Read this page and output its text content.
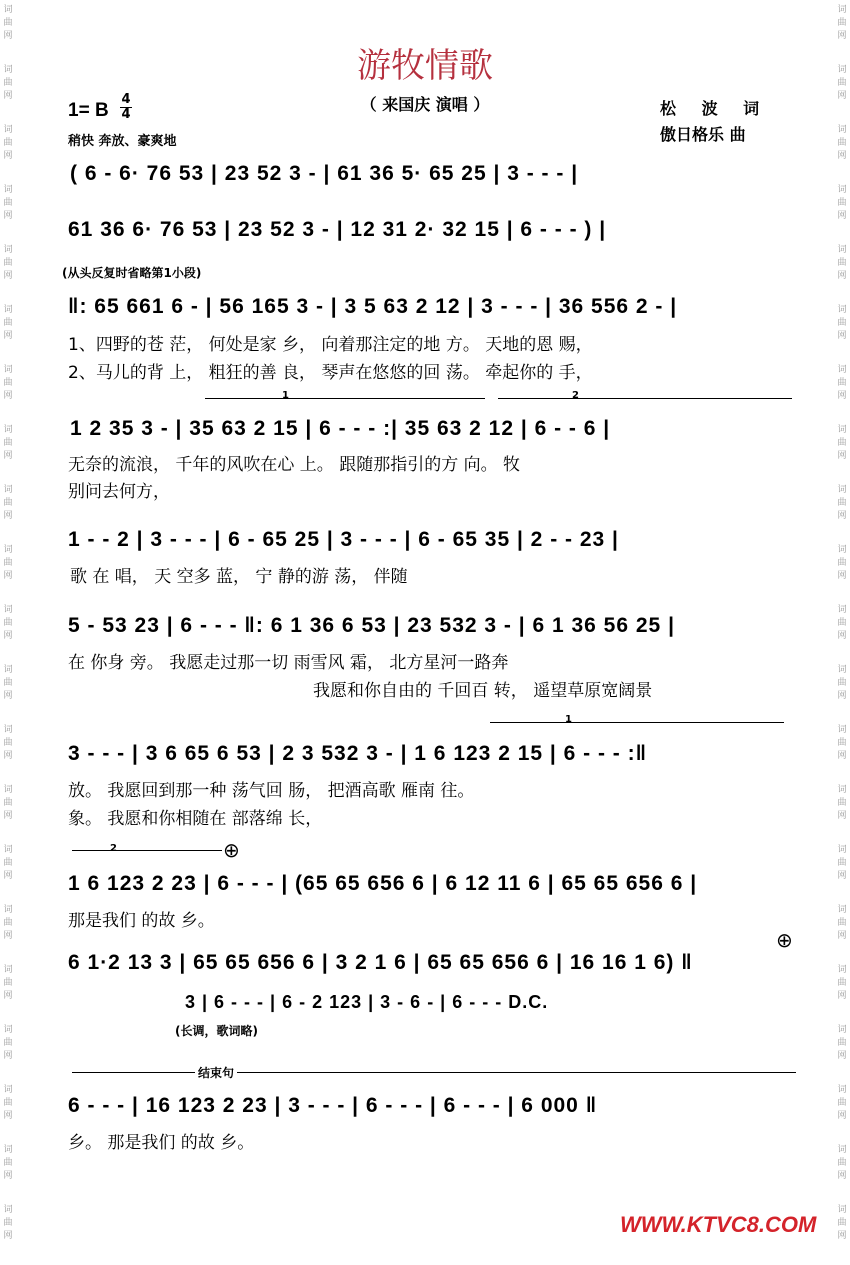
词
曲
网
词
曲
网
词
曲
网
词
曲
网
词
曲
网
词
曲
网
词
曲
网
词
曲
网
词
曲
网
词
曲
网
词
曲
网
词
曲
网
词
曲
网
词
曲
网
词
曲
网
词
曲
网
词
曲
网
词
曲
网
词
曲
网
词
曲
网
词
曲
网
词
曲
网
词
曲
网
词
曲
网
词
曲
网
词
曲
网
词
曲
网
词
曲
网
词
曲
网
词
曲
网
词
曲
网
词
曲
网
词
曲
网
词
曲
网
词
曲
网
词
曲
网
词
曲
网
词
曲
网
词
曲
网
词
曲
网
词
曲
网
词
曲
网
游牧情歌
（ 来国庆 演唱 ）
1= B
4
4
稍快 奔放、豪爽地
松 波 词
傲日格乐 曲
( 6 - 6· 76 53 | 23 52 3 - | 61 36 5· 65 25 | 3 - - - |
61 36 6· 76 53 | 23 52 3 - | 12 31 2· 32 15 | 6 - - - ) |
(从头反复时省略第1小段)
‖: 65 661 6 - | 56 165 3 - | 3 5 63 2 12 | 3 - - - | 36 556 2 - |
1、四野的苍 茫， 何处是家 乡， 向着那注定的地 方。 天地的恩 赐，
2、马儿的背 上， 粗狂的善 良， 琴声在悠悠的回 荡。 牵起你的 手，
1	2
1 2 35 3 - | 35 63 2 15 | 6 - - - :| 35 63 2 12 | 6 - - 6 |
无奈的流浪， 千年的风吹在心 上。 跟随那指引的方 向。 牧
别问去何方，
1 - - 2 | 3 - - - | 6 - 65 25 | 3 - - - | 6 - 65 35 | 2 - - 23 |
歌 在 唱， 天 空多 蓝， 宁 静的游 荡， 伴随
5 - 53 23 | 6 - - - ‖: 6 1 36 6 53 | 23 532 3 - | 6 1 36 56 25 |
在 你身 旁。 我愿走过那一切 雨雪风 霜， 北方星河一路奔
我愿和你自由的 千回百 转， 遥望草原宽阔景
1
3 - - - | 3 6 65 6 53 | 2 3 532 3 - | 1 6 123 2 15 | 6 - - - :‖
放。 我愿回到那一种 荡气回 肠， 把酒高歌 雁南 往。
象。 我愿和你相随在 部落绵 长，
2	⊕
1 6 123 2 23 | 6 - - - | (65 65 656 6 | 6 12 11 6 | 65 65 656 6 |
那是我们 的故 乡。
⊕
6 1·2 13 3 | 65 65 656 6 | 3 2 1 6 | 65 65 656 6 | 16 16 1 6) ‖
3 | 6 - - - | 6 - 2 123 | 3 - 6 - | 6 - - - D.C.
(长调，歌词略)
结束句
6 - - - | 16 123 2 23 | 3 - - - | 6 - - - | 6 - - - | 6 000 ‖
乡。 那是我们 的故 乡。
WWW.KTVC8.COM
